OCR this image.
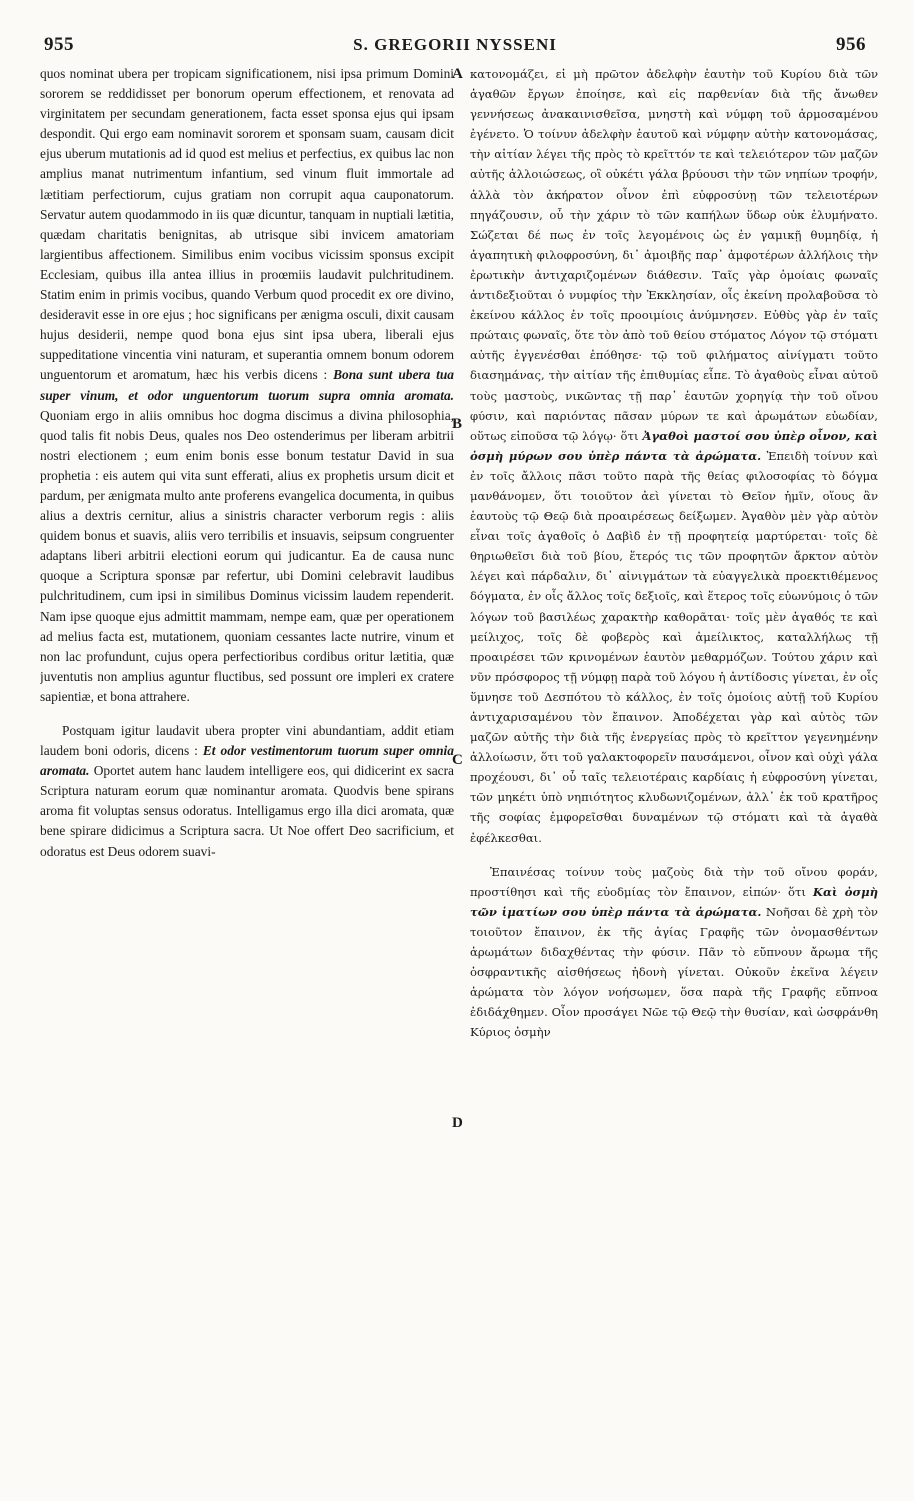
955	S. GREGORII NYSSENI	956

quos nominat ubera per tropicam significationem, nisi ipsa primum Domini sororem se reddidisset per bonorum operum effectionem, et renovata ad virginitatem per secundam generationem, facta esset sponsa ejus qui ipsam despondit. Qui ergo eam nominavit sororem et sponsam suam, causam dicit ejus uberum mutationis ad id quod est melius et perfectius, ex quibus lac non amplius manat nutrimentum infantium, sed vinum fluit immortale ad lætitiam perfectiorum, cujus gratiam non corrupit aqua cauponatorum. Servatur autem quodammodo in iis quæ dicuntur, tanquam in nuptiali lætitia, quædam charitatis benignitas, ab utrisque sibi invicem amatoriam largientibus affectionem. Similibus enim vocibus vicissim sponsus excipit Ecclesiam, quibus illa antea illius in proœmiis laudavit pulchritudinem. Statim enim in primis vocibus, quando Verbum quod procedit ex ore divino, desideravit esse in ore ejus ; hoc significans per ænigma osculi, dixit causam hujus desiderii, nempe quod bona ejus sint ipsa ubera, liberali ejus suppeditatione vincentia vini naturam, et superantia omnem bonum odorem unguentorum et aromatum, hæc his verbis dicens : Bona sunt ubera tua super vinum, et odor unguentorum tuorum supra omnia aromata. Quoniam ergo in aliis omnibus hoc dogma discimus a divina philosophia, quod talis fit nobis Deus, quales nos Deo ostenderimus per liberam arbitrii nostri electionem ; eum enim bonis esse bonum testatur David in sua prophetia : eis autem qui vita sunt efferati, alius ex prophetis ursum dicit et pardum, per ænigmata multo ante proferens evangelica documenta, in quibus alius a dextris cernitur, alius a sinistris character verborum regis : aliis quidem bonus et suavis, aliis vero terribilis et insuavis, seipsum congruenter adaptans liberi arbitrii electioni eorum qui judicantur. Ea de causa nunc quoque a Scriptura sponsæ par refertur, ubi Domini celebravit laudibus pulchritudinem, cum ipsi in similibus Dominus vicissim laudem rependerit. Nam ipse quoque ejus admittit mammam, nempe eam, quæ per operationem ad melius facta est, mutationem, quoniam cessantes lacte nutrire, vinum et non lac profundunt, cujus opera perfectioribus cordibus oritur lætitia, quæ juventutis non amplius aguntur fluctibus, sed possunt ore impleri ex cratere sapientiæ, et bona attrahere.

Postquam igitur laudavit ubera propter vini abundantiam, addit etiam laudem boni odoris, dicens : Et odor vestimentorum tuorum super omnia aromata. Oportet autem hanc laudem intelligere eos, qui didicerint ex sacra Scriptura naturam eorum quæ nominantur aromata. Quodvis bene spirans aroma fit voluptas sensus odoratus. Intelligamus ergo illa dici aromata, quæ bene spirare didicimus a Scriptura sacra. Ut Noe offert Deo sacrificium, et odoratus est Deus odorem suavi-

A
B
C
D

κατονομάζει, εἰ μὴ πρῶτον ἀδελφὴν ἑαυτὴν τοῦ Κυρίου διὰ τῶν ἀγαθῶν ἔργων ἐποίησε, καὶ εἰς παρθενίαν διὰ τῆς ἄνωθεν γεννήσεως ἀνακαινισθεῖσα, μνηστὴ καὶ νύμφη τοῦ ἁρμοσαμένου ἐγένετο. Ὁ τοίνυν ἀδελφὴν ἑαυτοῦ καὶ νύμφην αὐτὴν κατονομάσας, τὴν αἰτίαν λέγει τῆς πρὸς τὸ κρεῖττόν τε καὶ τελειότερον τῶν μαζῶν αὐτῆς ἀλλοιώσεως, οἳ οὐκέτι γάλα βρύουσι τὴν τῶν νηπίων τροφήν, ἀλλὰ τὸν ἀκήρατον οἶνον ἐπὶ εὐφροσύνῃ τῶν τελειοτέρων πηγάζουσιν, οὗ τὴν χάριν τὸ τῶν καπήλων ὕδωρ οὐκ ἐλυμήνατο. Σώζεται δέ πως ἐν τοῖς λεγομένοις ὡς ἐν γαμικῇ θυμηδίᾳ, ἡ ἀγαπητικὴ φιλοφροσύνη, δι᾽ ἀμοιβῆς παρ᾽ ἀμφοτέρων ἀλλήλοις τὴν ἐρωτικὴν ἀντιχαριζομένων διάθεσιν. Ταῖς γὰρ ὁμοίαις φωναῖς ἀντιδεξιοῦται ὁ νυμφίος τὴν Ἐκκλησίαν, οἷς ἐκείνη προλαβοῦσα τὸ ἐκείνου κάλλος ἐν τοῖς προοιμίοις ἀνύμνησεν. Εὐθὺς γὰρ ἐν ταῖς πρώταις φωναῖς, ὅτε τὸν ἀπὸ τοῦ θείου στόματος Λόγον τῷ στόματι αὐτῆς ἐγγενέσθαι ἐπόθησε· τῷ τοῦ φιλήματος αἰνίγματι τοῦτο διασημάνας, τὴν αἰτίαν τῆς ἐπιθυμίας εἶπε. Τὸ ἀγαθοὺς εἶναι αὐτοῦ τοὺς μαστοὺς, νικῶντας τῇ παρ᾽ ἑαυτῶν χορηγίᾳ τὴν τοῦ οἴνου φύσιν, καὶ παριόντας πᾶσαν μύρων τε καὶ ἀρωμάτων εὐωδίαν, οὕτως εἰποῦσα τῷ λόγῳ· ὅτι Ἀγαθοὶ μαστοί σου ὑπὲρ οἶνον, καὶ ὀσμὴ μύρων σου ὑπὲρ πάντα τὰ ἀρώματα. Ἐπειδὴ τοίνυν καὶ ἐν τοῖς ἄλλοις πᾶσι τοῦτο παρὰ τῆς θείας φιλοσοφίας τὸ δόγμα μανθάνομεν, ὅτι τοιοῦτον ἀεὶ γίνεται τὸ Θεῖον ἡμῖν, οἵους ἂν ἑαυτοὺς τῷ Θεῷ διὰ προαιρέσεως δείξωμεν. Ἀγαθὸν μὲν γὰρ αὐτὸν εἶναι τοῖς ἀγαθοῖς ὁ Δαβὶδ ἐν τῇ προφητείᾳ μαρτύρεται· τοῖς δὲ θηριωθεῖσι διὰ τοῦ βίου, ἕτερός τις τῶν προφητῶν ἄρκτον αὐτὸν λέγει καὶ πάρδαλιν, δι᾽ αἰνιγμάτων τὰ εὐαγγελικὰ προεκτιθέμενος δόγματα, ἐν οἷς ἄλλος τοῖς δεξιοῖς, καὶ ἕτερος τοῖς εὐωνύμοις ὁ τῶν λόγων τοῦ βασιλέως χαρακτὴρ καθορᾶται· τοῖς μὲν ἀγαθός τε καὶ μείλιχος, τοῖς δὲ φοβερὸς καὶ ἀμείλικτος, καταλλήλως τῇ προαιρέσει τῶν κρινομένων ἑαυτὸν μεθαρμόζων. Τούτου χάριν καὶ νῦν πρόσφορος τῇ νύμφῃ παρὰ τοῦ λόγου ἡ ἀντίδοσις γίνεται, ἐν οἷς ὕμνησε τοῦ Δεσπότου τὸ κάλλος, ἐν τοῖς ὁμοίοις αὐτῇ τοῦ Κυρίου ἀντιχαρισαμένου τὸν ἔπαινον. Ἀποδέχεται γὰρ καὶ αὐτὸς τῶν μαζῶν αὐτῆς τὴν διὰ τῆς ἐνεργείας πρὸς τὸ κρεῖττον γεγενημένην ἀλλοίωσιν, ὅτι τοῦ γαλακτοφορεῖν παυσάμενοι, οἶνον καὶ οὐχὶ γάλα προχέουσι, δι᾽ οὗ ταῖς τελειοτέραις καρδίαις ἡ εὐφροσύνη γίνεται, τῶν μηκέτι ὑπὸ νηπιότητος κλυδωνιζομένων, ἀλλ᾽ ἐκ τοῦ κρατῆρος τῆς σοφίας ἐμφορεῖσθαι δυναμένων τῷ στόματι καὶ τὰ ἀγαθὰ ἐφέλκεσθαι.

Ἐπαινέσας τοίνυν τοὺς μαζοὺς διὰ τὴν τοῦ οἴνου φοράν, προστίθησι καὶ τῆς εὐοδμίας τὸν ἔπαινον, εἰπών· ὅτι Καὶ ὀσμὴ τῶν ἱματίων σου ὑπὲρ πάντα τὰ ἀρώματα. Νοῆσαι δὲ χρὴ τὸν τοιοῦτον ἔπαινον, ἐκ τῆς ἁγίας Γραφῆς τῶν ὀνομασθέντων ἀρωμάτων διδαχθέντας τὴν φύσιν. Πᾶν τὸ εὔπνουν ἄρωμα τῆς ὀσφραντικῆς αἰσθήσεως ἡδονὴ γίνεται. Οὐκοῦν ἐκεῖνα λέγειν ἀρώματα τὸν λόγον νοήσωμεν, ὅσα παρὰ τῆς Γραφῆς εὔπνοα ἐδιδάχθημεν. Οἷον προσάγει Νῶε τῷ Θεῷ τὴν θυσίαν, καὶ ὠσφράνθη Κύριος ὀσμὴν
